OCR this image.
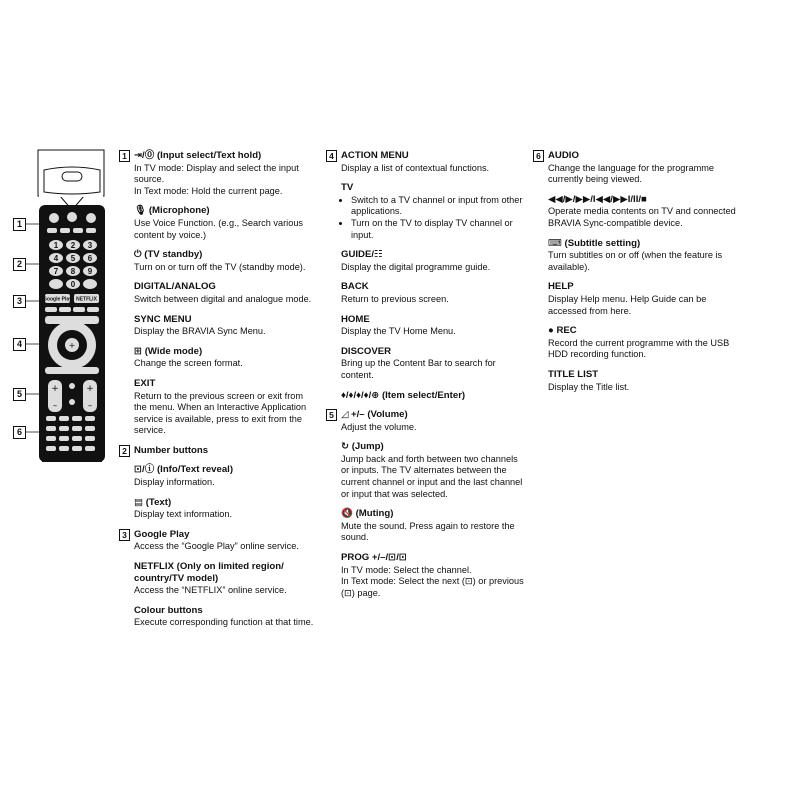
1 2 3
4 5 6
7 8 9
0
Google Play NETFLIX
+
+
–
+
–
1
2
3
4
5
6
1 ⇥/⓪ (Input select/Text hold)
In TV mode: Display and select the input source.
In Text mode: Hold the current page.
🎙 (Microphone)
Use Voice Function. (e.g., Search various content by voice.)
⏻ (TV standby)
Turn on or turn off the TV (standby mode).
DIGITAL/ANALOG
Switch between digital and analogue mode.
SYNC MENU
Display the BRAVIA Sync Menu.
⊞ (Wide mode)
Change the screen format.
EXIT
Return to the previous screen or exit from the menu. When an Interactive Application service is available, press to exit from the service.
2 Number buttons
⊡/ⓘ (Info/Text reveal)
Display information.
▤ (Text)
Display text information.
3 Google Play
Access the “Google Play” online service.
NETFLIX (Only on limited region/ country/TV model)
Access the “NETFLIX” online service.
Colour buttons
Execute corresponding function at that time.
4 ACTION MENU
Display a list of contextual functions.
TV
• Switch to a TV channel or input from other applications.
• Turn on the TV to display TV channel or input.
GUIDE/☷
Display the digital programme guide.
BACK
Return to previous screen.
HOME
Display the TV Home Menu.
DISCOVER
Bring up the Content Bar to search for content.
♦/♦/♦/♦/⊕ (Item select/Enter)
5 ◿ +/– (Volume)
Adjust the volume.
↻ (Jump)
Jump back and forth between two channels or inputs. The TV alternates between the current channel or input and the last channel or input that was selected.
🔇 (Muting)
Mute the sound. Press again to restore the sound.
PROG +/–/⊡/⊡
In TV mode: Select the channel.
In Text mode: Select the next (⊡) or previous (⊡) page.
6 AUDIO
Change the language for the programme currently being viewed.
◀◀/▶/▶▶/I◀◀/▶▶I/II/■
Operate media contents on TV and connected BRAVIA Sync-compatible device.
⌨ (Subtitle setting)
Turn subtitles on or off (when the feature is available).
HELP
Display Help menu. Help Guide can be accessed from here.
● REC
Record the current programme with the USB HDD recording function.
TITLE LIST
Display the Title list.
